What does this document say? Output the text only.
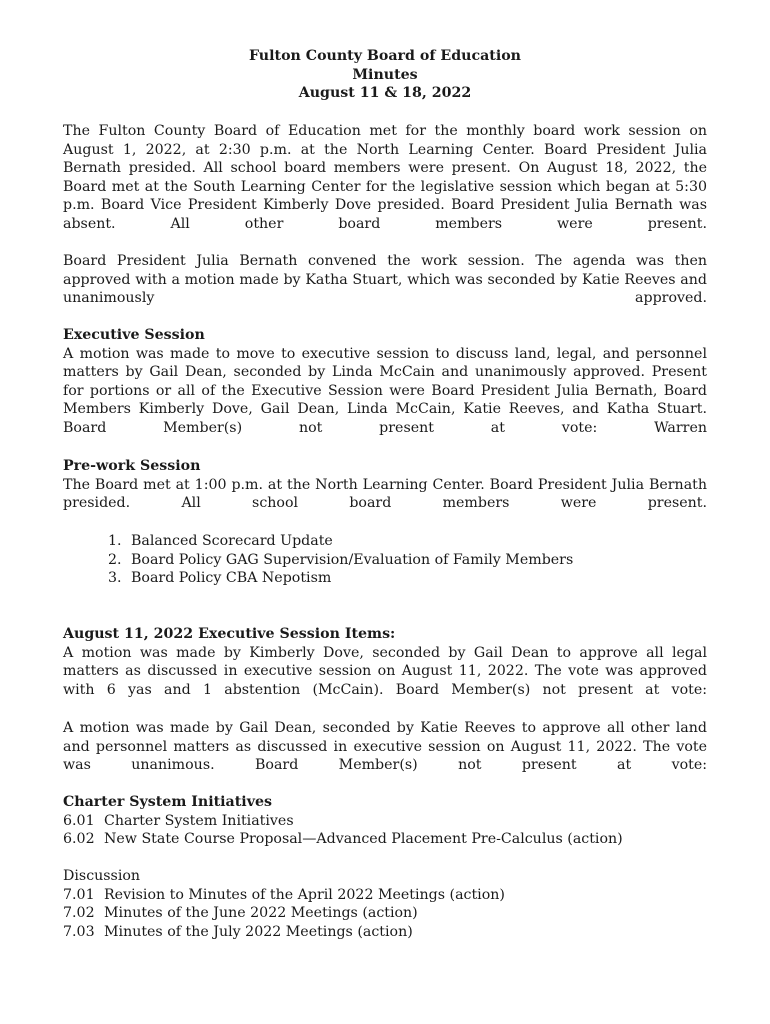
Fulton County Board of Education
Minutes
August 11 & 18, 2022
The Fulton County Board of Education met for the monthly board work session on August 1, 2022, at 2:30 p.m. at the North Learning Center. Board President Julia Bernath presided. All school board members were present. On August 18, 2022, the Board met at the South Learning Center for the legislative session which began at 5:30 p.m. Board Vice President Kimberly Dove presided. Board President Julia Bernath was absent. All other board members were present.
Board President Julia Bernath convened the work session. The agenda was then approved with a motion made by Katha Stuart, which was seconded by Katie Reeves and unanimously approved.

Executive Session

A motion was made to move to executive session to discuss land, legal, and personnel matters by Gail Dean, seconded by Linda McCain and unanimously approved. Present for portions or all of the Executive Session were Board President Julia Bernath, Board Members Kimberly Dove, Gail Dean, Linda McCain, Katie Reeves, and Katha Stuart. Board Member(s) not present at vote: Warren

Pre-work Session

The Board met at 1:00 p.m. at the North Learning Center. Board President Julia Bernath presided. All school board members were present.
1. Balanced Scorecard Update
2. Board Policy GAG Supervision/Evaluation of Family Members
3. Board Policy CBA Nepotism

August 11, 2022 Executive Session Items:

A motion was made by Kimberly Dove, seconded by Gail Dean to approve all legal matters as discussed in executive session on August 11, 2022. The vote was approved with 6 yas and 1 abstention (McCain). Board Member(s) not present at vote:
A motion was made by Gail Dean, seconded by Katie Reeves to approve all other land and personnel matters as discussed in executive session on August 11, 2022. The vote was unanimous. Board Member(s) not present at vote:

Charter System Initiatives

6.01 Charter System Initiatives
6.02 New State Course Proposal—Advanced Placement Pre-Calculus (action)

Discussion

7.01 Revision to Minutes of the April 2022 Meetings (action)
7.02 Minutes of the June 2022 Meetings (action)
7.03 Minutes of the July 2022 Meetings (action)
